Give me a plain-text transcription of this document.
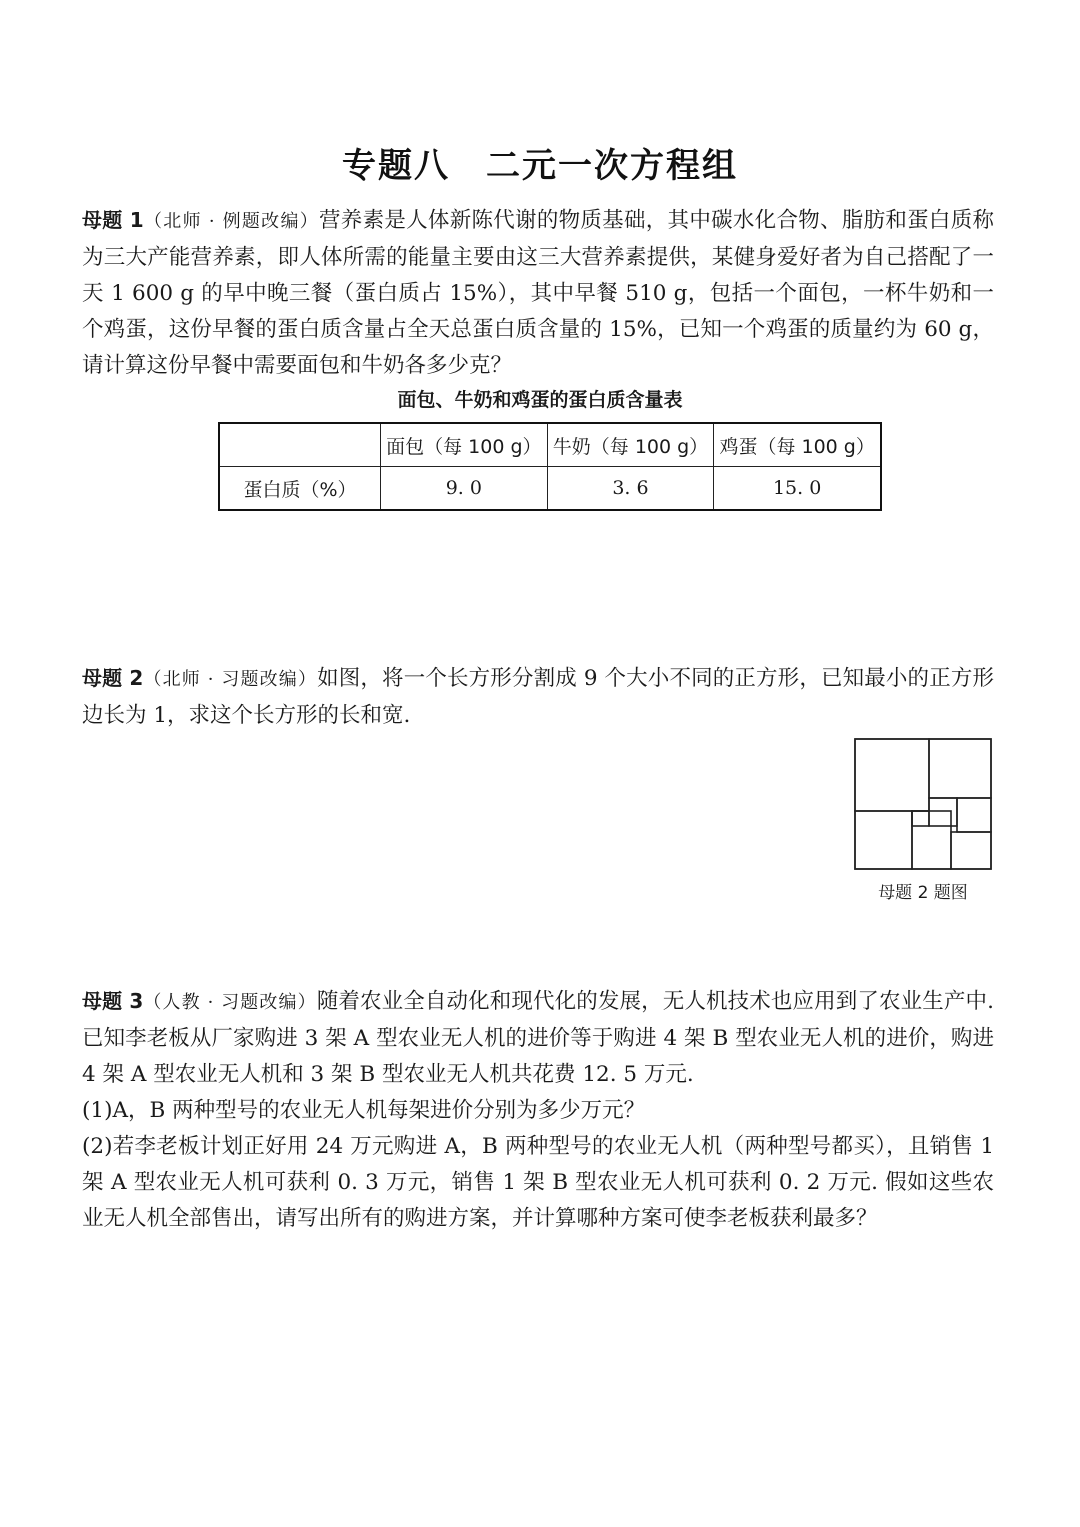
专题八　二元一次方程组
母题 1（北师 · 例题改编）营养素是人体新陈代谢的物质基础，其中碳水化合物、脂肪和蛋白质称为三大产能营养素，即人体所需的能量主要由这三大营养素提供，某健身爱好者为自己搭配了一天 1 600 g 的早中晚三餐（蛋白质占 15%），其中早餐 510 g，包括一个面包，一杯牛奶和一个鸡蛋，这份早餐的蛋白质含量占全天总蛋白质含量的 15%，已知一个鸡蛋的质量约为 60 g，请计算这份早餐中需要面包和牛奶各多少克？
面包、牛奶和鸡蛋的蛋白质含量表
	面包（每 100 g）	牛奶（每 100 g）	鸡蛋（每 100 g）
蛋白质（%）	9. 0	3. 6	15. 0
母题 2（北师 · 习题改编）如图，将一个长方形分割成 9 个大小不同的正方形，已知最小的正方形边长为 1，求这个长方形的长和宽.
母题 2 题图
母题 3（人教 · 习题改编）随着农业全自动化和现代化的发展，无人机技术也应用到了农业生产中. 已知李老板从厂家购进 3 架 A 型农业无人机的进价等于购进 4 架 B 型农业无人机的进价，购进 4 架 A 型农业无人机和 3 架 B 型农业无人机共花费 12. 5 万元.
(1)A，B 两种型号的农业无人机每架进价分别为多少万元？
(2)若李老板计划正好用 24 万元购进 A，B 两种型号的农业无人机（两种型号都买），且销售 1 架 A 型农业无人机可获利 0. 3 万元，销售 1 架 B 型农业无人机可获利 0. 2 万元. 假如这些农业无人机全部售出，请写出所有的购进方案，并计算哪种方案可使李老板获利最多？
